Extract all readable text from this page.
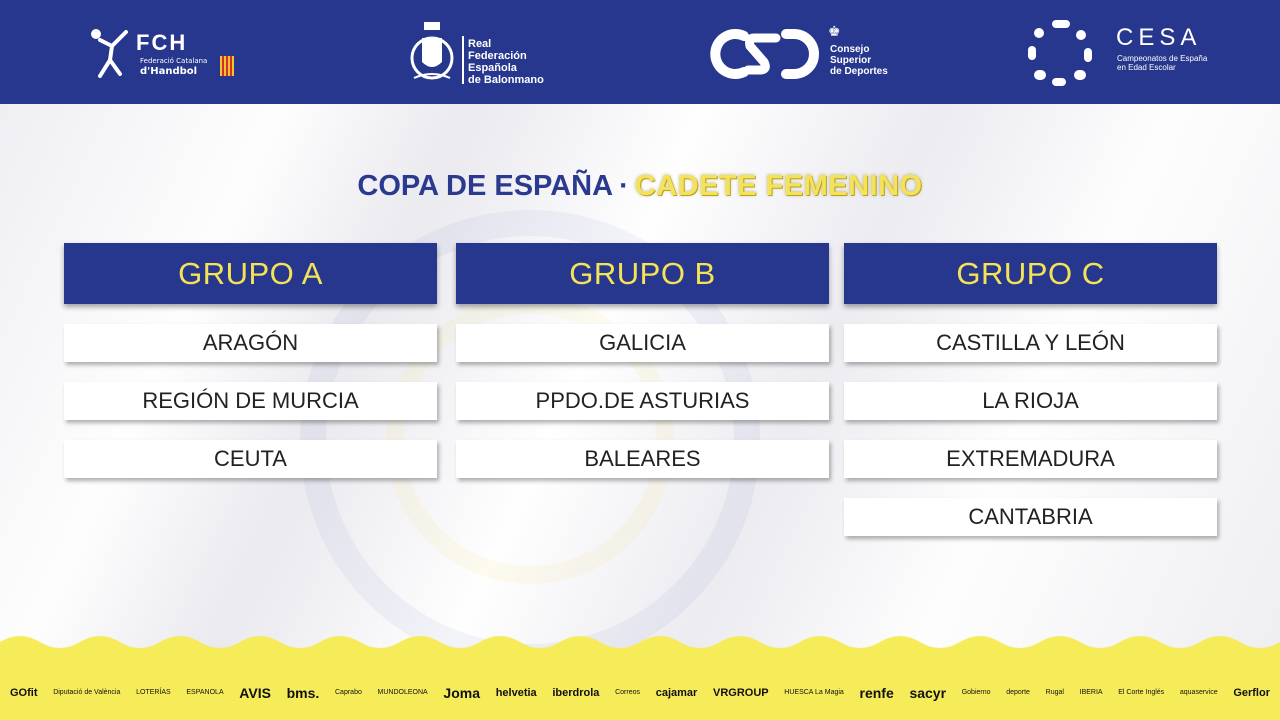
FCH
Federació Catalana
d'Handbol
Real
Federación
Española
de Balonmano
♚
Consejo
Superior
de Deportes
CESA
Campeonatos de España
en Edad Escolar
COPA DE ESPAÑA · CADETE FEMENINO
GRUPO A
ARAGÓN
REGIÓN DE MURCIA
CEUTA
GRUPO B
GALICIA
PPDO.DE ASTURIAS
BALEARES
GRUPO C
CASTILLA Y LEÓN
LA RIOJA
EXTREMADURA
CANTABRIA
GOfit Diputació de València LOTERÍAS ESPANOLA AVIS bms. Caprabo MUNDOLEONA Joma helvetia iberdrola Correos cajamar VRGROUP HUESCA La Magia renfe sacyr Gobierno deporte Rugal IBERIA El Corte Inglés aquaservice Gerflor
